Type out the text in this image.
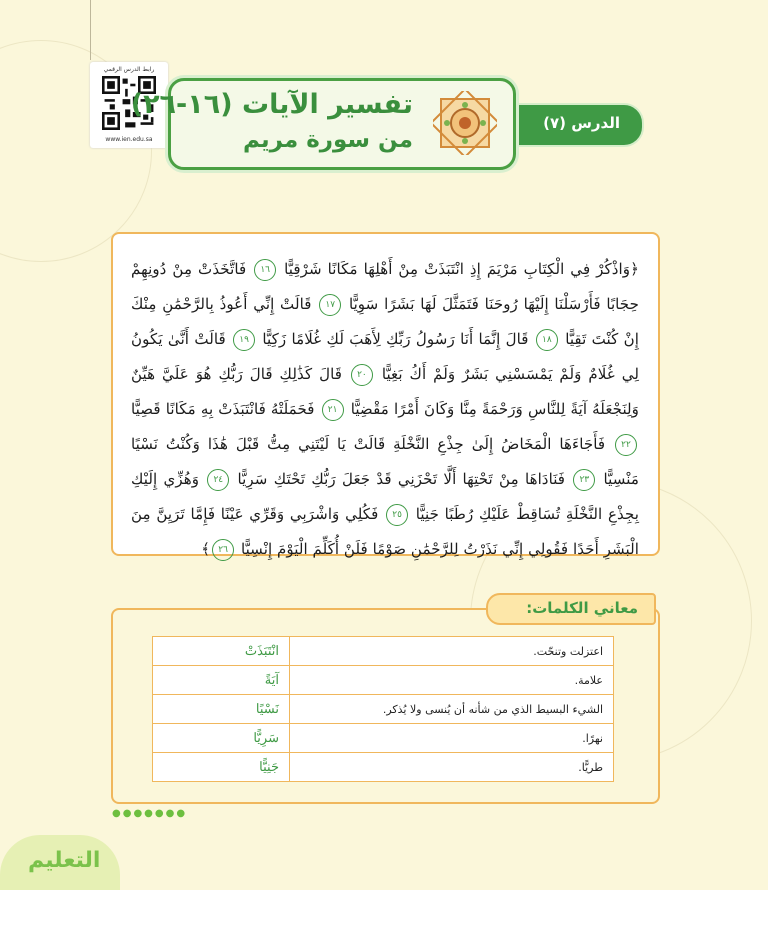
رابط الدرس الرقمي
www.ien.edu.sa
الدرس (٧)
تفسير الآيات (١٦-٢٦)
من سورة مريم
﴿وَاذْكُرْ فِي الْكِتَابِ مَرْيَمَ إِذِ انْتَبَذَتْ مِنْ أَهْلِهَا مَكَانًا شَرْقِيًّا ١٦ فَاتَّخَذَتْ مِنْ دُونِهِمْ حِجَابًا فَأَرْسَلْنَا إِلَيْهَا رُوحَنَا فَتَمَثَّلَ لَهَا بَشَرًا سَوِيًّا ١٧ قَالَتْ إِنِّي أَعُوذُ بِالرَّحْمَٰنِ مِنْكَ إِنْ كُنْتَ تَقِيًّا ١٨ قَالَ إِنَّمَا أَنَا رَسُولُ رَبِّكِ لِأَهَبَ لَكِ غُلَامًا زَكِيًّا ١٩ قَالَتْ أَنَّىٰ يَكُونُ لِي غُلَامٌ وَلَمْ يَمْسَسْنِي بَشَرٌ وَلَمْ أَكُ بَغِيًّا ٢٠ قَالَ كَذَٰلِكِ قَالَ رَبُّكِ هُوَ عَلَيَّ هَيِّنٌ وَلِنَجْعَلَهُ آيَةً لِلنَّاسِ وَرَحْمَةً مِنَّا وَكَانَ أَمْرًا مَقْضِيًّا ٢١ فَحَمَلَتْهُ فَانْتَبَذَتْ بِهِ مَكَانًا قَصِيًّا ٢٢ فَأَجَاءَهَا الْمَخَاضُ إِلَىٰ جِذْعِ النَّخْلَةِ قَالَتْ يَا لَيْتَنِي مِتُّ قَبْلَ هَٰذَا وَكُنْتُ نَسْيًا مَنْسِيًّا ٢٣ فَنَادَاهَا مِنْ تَحْتِهَا أَلَّا تَحْزَنِي قَدْ جَعَلَ رَبُّكِ تَحْتَكِ سَرِيًّا ٢٤ وَهُزِّي إِلَيْكِ بِجِذْعِ النَّخْلَةِ تُسَاقِطْ عَلَيْكِ رُطَبًا جَنِيًّا ٢٥ فَكُلِي وَاشْرَبِي وَقَرِّي عَيْنًا فَإِمَّا تَرَيِنَّ مِنَ الْبَشَرِ أَحَدًا فَقُولِي إِنِّي نَذَرْتُ لِلرَّحْمَٰنِ صَوْمًا فَلَنْ أُكَلِّمَ الْيَوْمَ إِنْسِيًّا ٢٦﴾
معاني الكلمات:
انْتَبَذَتْ	اعتزلت وتنحّت.
آيَةً	علامة.
نَسْيًا	الشيء البسيط الذي من شأنه أن يُنسى ولا يُذكر.
سَرِيًّا	نهرًا.
جَنِيًّا	طريًّا.
●●●●●●●
التعليم
